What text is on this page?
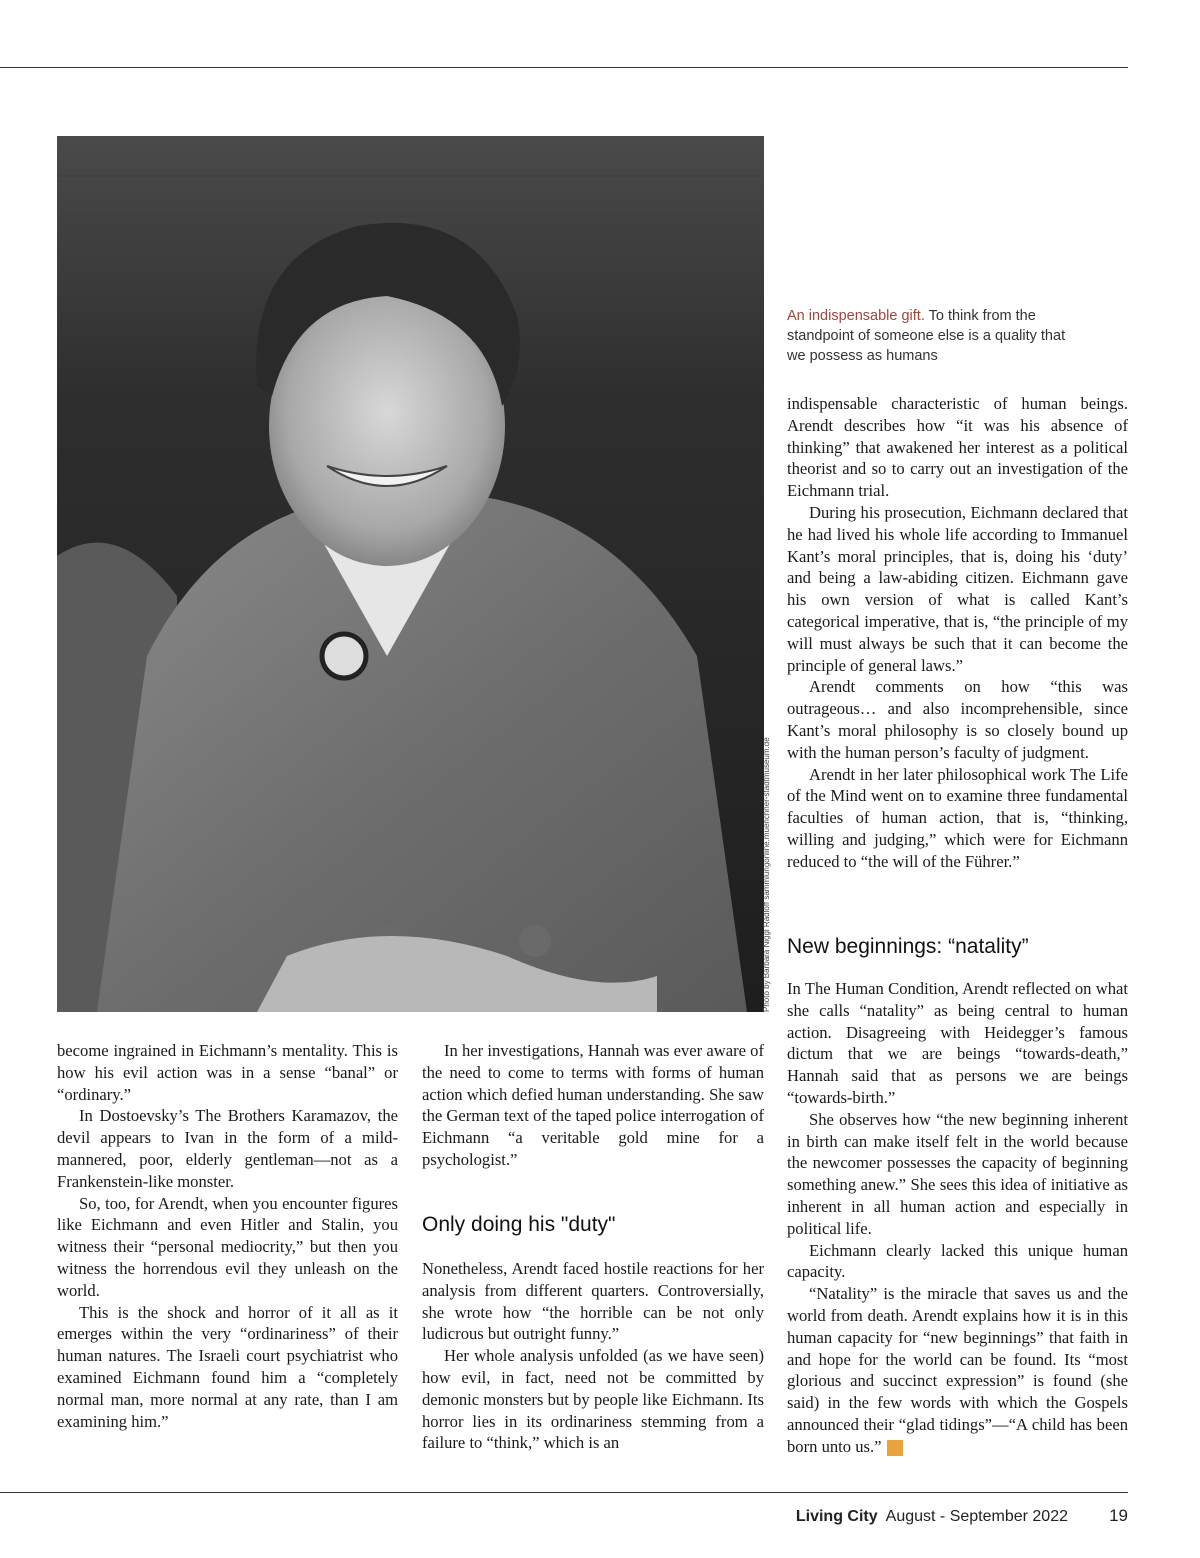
Photo by Barbara Niggl Radloff sammlungonline.muenchner-stadtmuseum.de
An indispensable gift. To think from the standpoint of someone else is a quality that we possess as humans

become ingrained in Eichmann’s mentality. This is how his evil action was in a sense “banal” or “ordinary.”

In Dostoevsky’s The Brothers Karamazov, the devil appears to Ivan in the form of a mild-mannered, poor, elderly gentleman—not as a Frankenstein-like monster.

So, too, for Arendt, when you encounter figures like Eichmann and even Hitler and Stalin, you witness their “personal mediocrity,” but then you witness the horrendous evil they unleash on the world.

This is the shock and horror of it all as it emerges within the very “ordinariness” of their human natures. The Israeli court psychiatrist who examined Eichmann found him a “completely normal man, more normal at any rate, than I am examining him.”

In her investigations, Hannah was ever aware of the need to come to terms with forms of human action which defied human understanding. She saw the German text of the taped police interrogation of Eichmann “a veritable gold mine for a psychologist.”

Only doing his "duty"

Nonetheless, Arendt faced hostile reactions for her analysis from different quarters. Controversially, she wrote how “the horrible can be not only ludicrous but outright funny.”

Her whole analysis unfolded (as we have seen) how evil, in fact, need not be committed by demonic monsters but by people like Eichmann. Its horror lies in its ordinariness stemming from a failure to “think,” which is an

indispensable characteristic of human beings. Arendt describes how “it was his absence of thinking” that awakened her interest as a political theorist and so to carry out an investigation of the Eichmann trial.

During his prosecution, Eichmann declared that he had lived his whole life according to Immanuel Kant’s moral principles, that is, doing his ‘duty’ and being a law-abiding citizen. Eichmann gave his own version of what is called Kant’s categorical imperative, that is, “the principle of my will must always be such that it can become the principle of general laws.”

Arendt comments on how “this was outrageous… and also incomprehensible, since Kant’s moral philosophy is so closely bound up with the human person’s faculty of judgment.

Arendt in her later philosophical work The Life of the Mind went on to examine three fundamental faculties of human action, that is, “thinking, willing and judging,” which were for Eichmann reduced to “the will of the Führer.”

New beginnings: “natality”

In The Human Condition, Arendt reflected on what she calls “natality” as being central to human action. Disagreeing with Heidegger’s famous dictum that we are beings “towards-death,” Hannah said that as persons we are beings “towards-birth.”

She observes how “the new beginning inherent in birth can make itself felt in the world because the newcomer possesses the capacity of beginning something anew.” She sees this idea of initiative as inherent in all human action and especially in political life.

Eichmann clearly lacked this unique human capacity.

“Natality” is the miracle that saves us and the world from death. Arendt explains how it is in this human capacity for “new beginnings” that faith in and hope for the world can be found. Its “most glorious and succinct expression” is found (she said) in the few words with which the Gospels announced their “glad tidings”—“A child has been born unto us.”	LC

Living City August - September 2022 19
